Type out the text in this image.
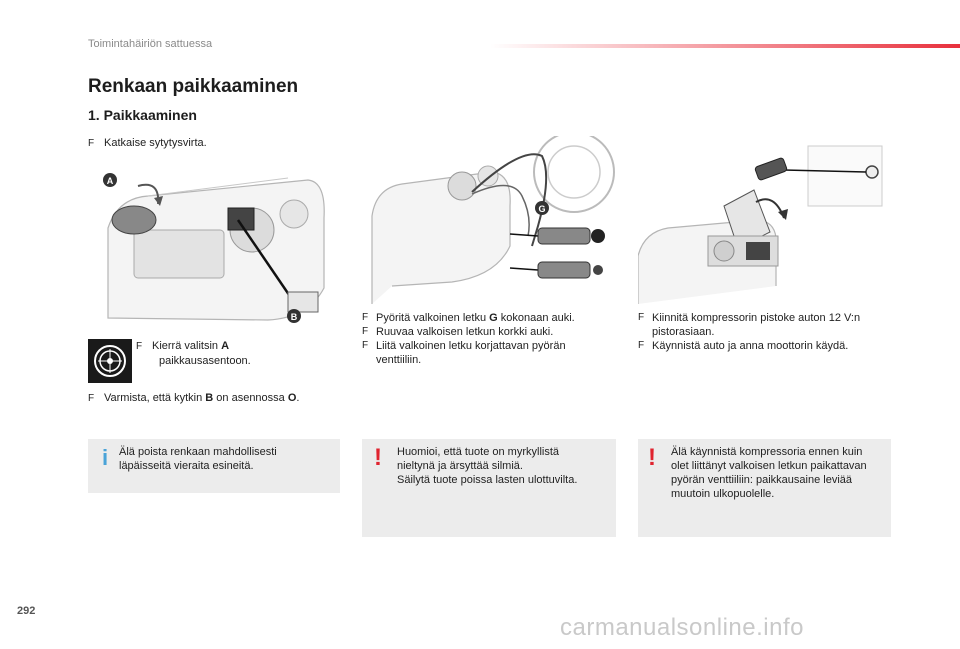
Toimintahäiriön sattuessa
Renkaan paikkaaminen
1. Paikkaaminen
F Katkaise sytytysvirta.
A
B
F Kierrä valitsin A
paikkausasentoon.
F Varmista, että kytkin B on asennossa O.
G
F Pyöritä valkoinen letku G kokonaan auki.
F Ruuvaa valkoisen letkun korkki auki.
F Liitä valkoinen letku korjattavan pyörän venttiiliin.
F Kiinnitä kompressorin pistoke auton 12 V:n pistorasiaan.
F Käynnistä auto ja anna moottorin käydä.
Älä poista renkaan mahdollisesti
läpäisseitä vieraita esineitä.
i	Huomioi, että tuote on myrkyllistä
nieltynä ja ärsyttää silmiä.
Säilytä tuote poissa lasten ulottuvilta.
!	Älä käynnistä kompressoria ennen kuin
olet liittänyt valkoisen letkun paikattavan
pyörän venttiiliin: paikkausaine leviää
muutoin ulkopuolelle.
!
292
carmanualsonline.info
